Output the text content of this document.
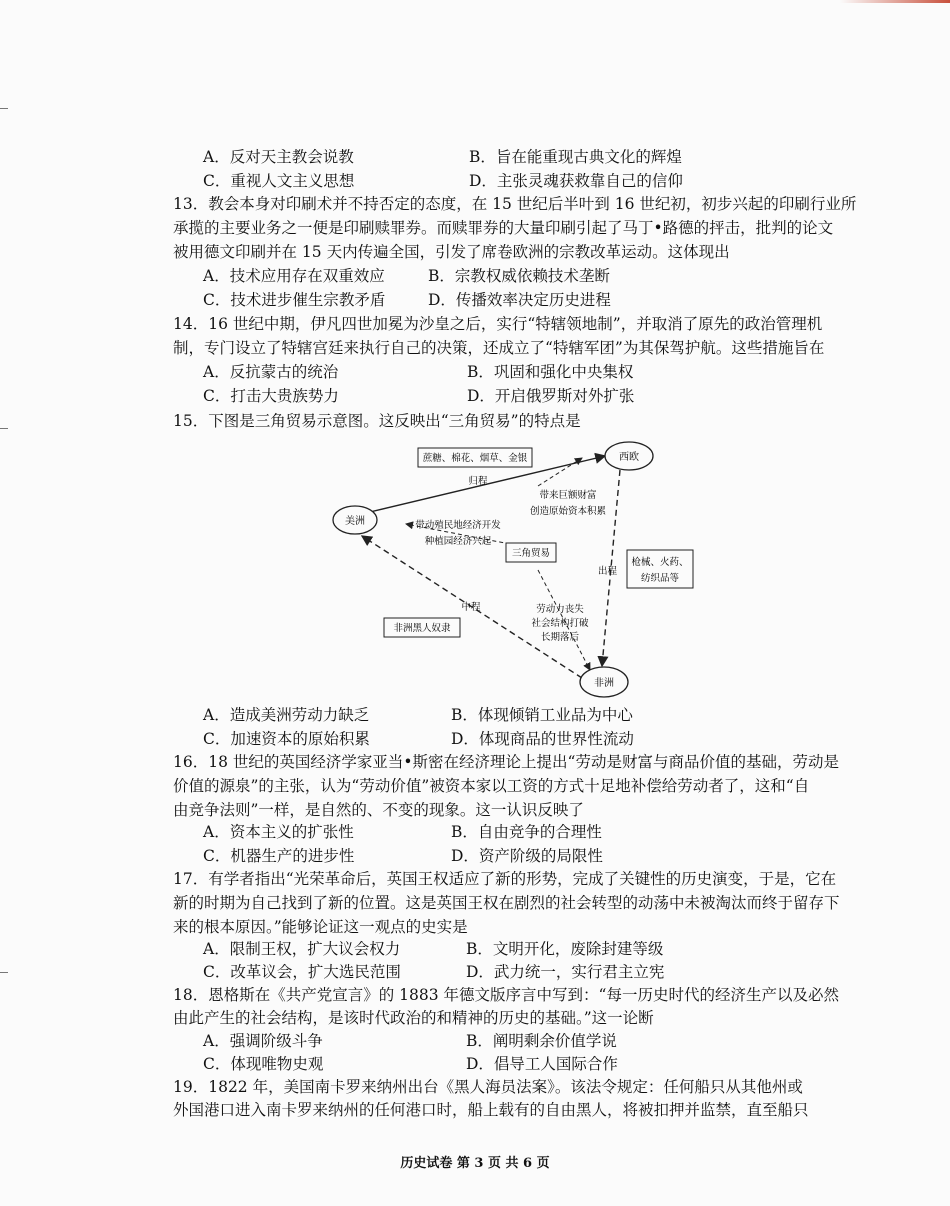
A．反对天主教会说教	B．旨在能重现古典文化的辉煌
C．重视人文主义思想	D．主张灵魂获救靠自己的信仰
13．教会本身对印刷术并不持否定的态度，在 15 世纪后半叶到 16 世纪初，初步兴起的印刷行业所
承揽的主要业务之一便是印刷赎罪券。而赎罪券的大量印刷引起了马丁•路德的抨击，批判的论文
被用德文印刷并在 15 天内传遍全国，引发了席卷欧洲的宗教改革运动。这体现出
A．技术应用存在双重效应	B．宗教权威依赖技术垄断
C．技术进步催生宗教矛盾	D．传播效率决定历史进程
14．16 世纪中期，伊凡四世加冕为沙皇之后，实行“特辖领地制”，并取消了原先的政治管理机
制，专门设立了特辖宫廷来执行自己的决策，还成立了“特辖军团”为其保驾护航。这些措施旨在
A．反抗蒙古的统治	B．巩固和强化中央集权
C．打击大贵族势力	D．开启俄罗斯对外扩张
15．下图是三角贸易示意图。这反映出“三角贸易”的特点是
西欧
美洲
非洲
蔗糖、棉花、烟草、金银
三角贸易
枪械、火药、
纺织品等
非洲黑人奴隶
归程
出程
中程
带来巨额财富
创造原始资本积累
带动殖民地经济开发
种植园经济兴起
劳动力丧失
社会结构打破
长期落后
A．造成美洲劳动力缺乏	B．体现倾销工业品为中心
C．加速资本的原始积累	D．体现商品的世界性流动
16．18 世纪的英国经济学家亚当•斯密在经济理论上提出“劳动是财富与商品价值的基础，劳动是
价值的源泉”的主张，认为“劳动价值”被资本家以工资的方式十足地补偿给劳动者了，这和“自
由竞争法则”一样，是自然的、不变的现象。这一认识反映了
A．资本主义的扩张性	B．自由竞争的合理性
C．机器生产的进步性	D．资产阶级的局限性
17．有学者指出“光荣革命后，英国王权适应了新的形势，完成了关键性的历史演变，于是，它在
新的时期为自己找到了新的位置。这是英国王权在剧烈的社会转型的动荡中未被淘汰而终于留存下
来的根本原因。”能够论证这一观点的史实是
A．限制王权，扩大议会权力	B．文明开化，废除封建等级
C．改革议会，扩大选民范围	D．武力统一，实行君主立宪
18．恩格斯在《共产党宣言》的 1883 年德文版序言中写到：“每一历史时代的经济生产以及必然
由此产生的社会结构，是该时代政治的和精神的历史的基础。”这一论断
A．强调阶级斗争	B．阐明剩余价值学说
C．体现唯物史观	D．倡导工人国际合作
19．1822 年，美国南卡罗来纳州出台《黑人海员法案》。该法令规定：任何船只从其他州或
外国港口进入南卡罗来纳州的任何港口时，船上载有的自由黑人，将被扣押并监禁，直至船只
历史试卷 第 3 页 共 6 页
